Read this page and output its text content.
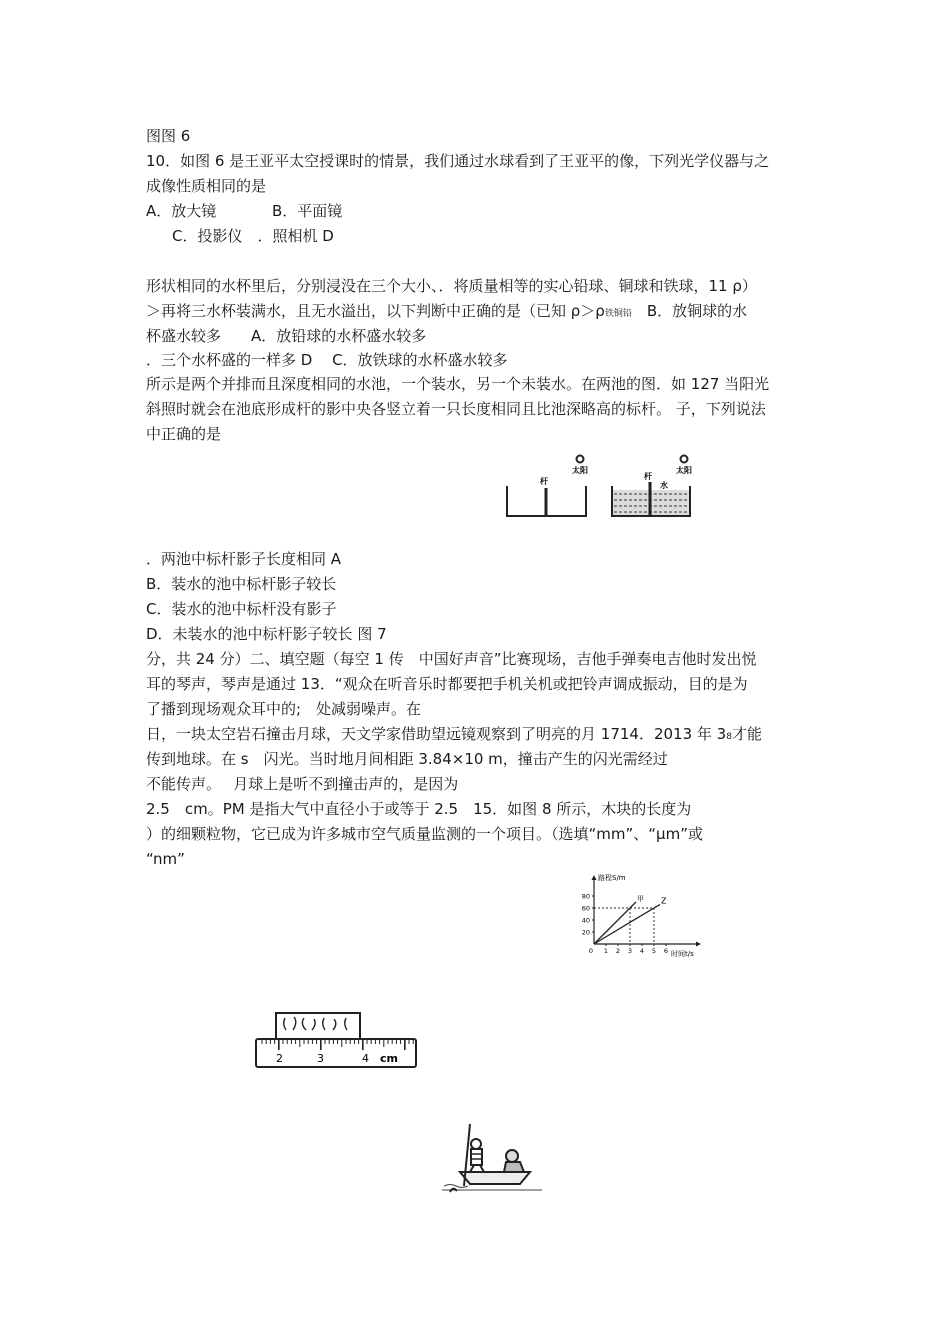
图图 6
10．如图 6 是王亚平太空授课时的情景，我们通过水球看到了王亚平的像，下列光学仪器与之
成像性质相同的是
A．放大镜	B．平面镜
C．投影仪　．照相机 D
形状相同的水杯里后，分别浸没在三个大小、．将质量相等的实心铅球、铜球和铁球，11 ρ）
＞再将三水杯装满水，且无水溢出，以下判断中正确的是（已知 ρ＞ρ铁铜铅　B．放铜球的水
杯盛水较多　　A．放铅球的水杯盛水较多
．三个水杯盛的一样多 D　 C．放铁球的水杯盛水较多
所示是两个并排而且深度相同的水池，一个装水，另一个未装水。在两池的图．如 127 当阳光
斜照时就会在池底形成杆的影中央各竖立着一只长度相同且比池深略高的标杆。 子，下列说法
中正确的是
杆
太阳
杆
水
太阳
．两池中标杆影子长度相同 A
B．装水的池中标杆影子较长
C．装水的池中标杆没有影子
D．未装水的池中标杆影子较长 图 7
分，共 24 分）二、填空题（每空 1 传　中国好声音”比赛现场，吉他手弹奏电吉他时发出悦
耳的琴声，琴声是通过 13．“观众在听音乐时都要把手机关机或把铃声调成振动，目的是为
了播到现场观众耳中的;　处减弱噪声。在
日，一块太空岩石撞击月球，天文学家借助望远镜观察到了明亮的月 1714．2013 年 38才能
传到地球。在 s　闪光。当时地月间相距 3.84×10 m，撞击产生的闪光需经过
不能传声。　 月球上是听不到撞击声的，是因为
2.5　cm。PM 是指大气中直径小于或等于 2.5　15．如图 8 所示，木块的长度为
）的细颗粒物，它已成为许多城市空气质量监测的一个项目。（选填“mm”、“μm”或
“nm”
路程S/m
时间t/s
80
60
40
20
0 1 2 3 4 5 6
甲 Z
2	3	4 cm
